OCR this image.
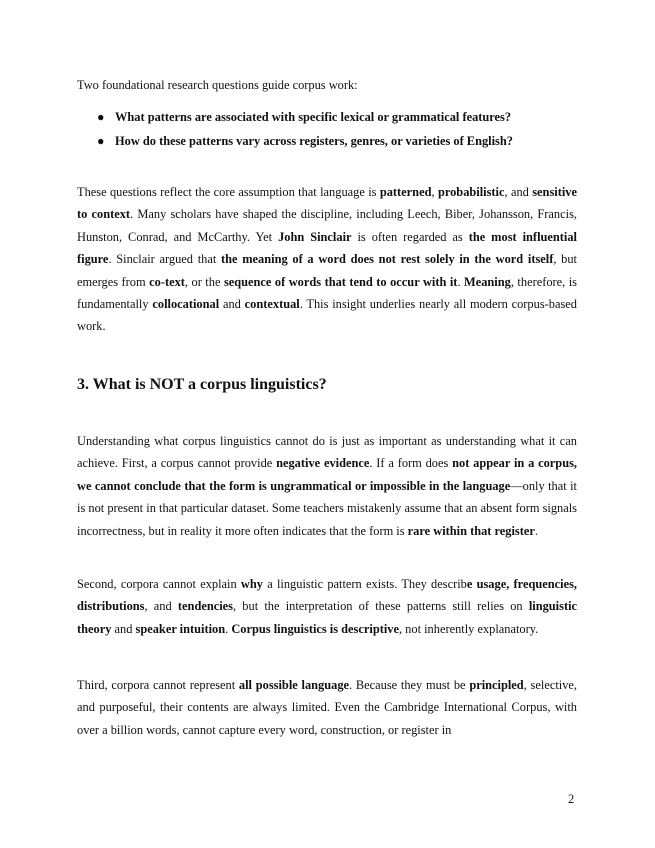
Two foundational research questions guide corpus work:

● What patterns are associated with specific lexical or grammatical features?
● How do these patterns vary across registers, genres, or varieties of English?

These questions reflect the core assumption that language is patterned, probabilistic, and sensitive to context. Many scholars have shaped the discipline, including Leech, Biber, Johansson, Francis, Hunston, Conrad, and McCarthy. Yet John Sinclair is often regarded as the most influential figure. Sinclair argued that the meaning of a word does not rest solely in the word itself, but emerges from co-text, or the sequence of words that tend to occur with it. Meaning, therefore, is fundamentally collocational and contextual. This insight underlies nearly all modern corpus-based work.

3. What is NOT a corpus linguistics?

Understanding what corpus linguistics cannot do is just as important as understanding what it can achieve. First, a corpus cannot provide negative evidence. If a form does not appear in a corpus, we cannot conclude that the form is ungrammatical or impossible in the language—only that it is not present in that particular dataset. Some teachers mistakenly assume that an absent form signals incorrectness, but in reality it more often indicates that the form is rare within that register.

Second, corpora cannot explain why a linguistic pattern exists. They describe usage, frequencies, distributions, and tendencies, but the interpretation of these patterns still relies on linguistic theory and speaker intuition. Corpus linguistics is descriptive, not inherently explanatory.

Third, corpora cannot represent all possible language. Because they must be principled, selective, and purposeful, their contents are always limited. Even the Cambridge International Corpus, with over a billion words, cannot capture every word, construction, or register in

2
